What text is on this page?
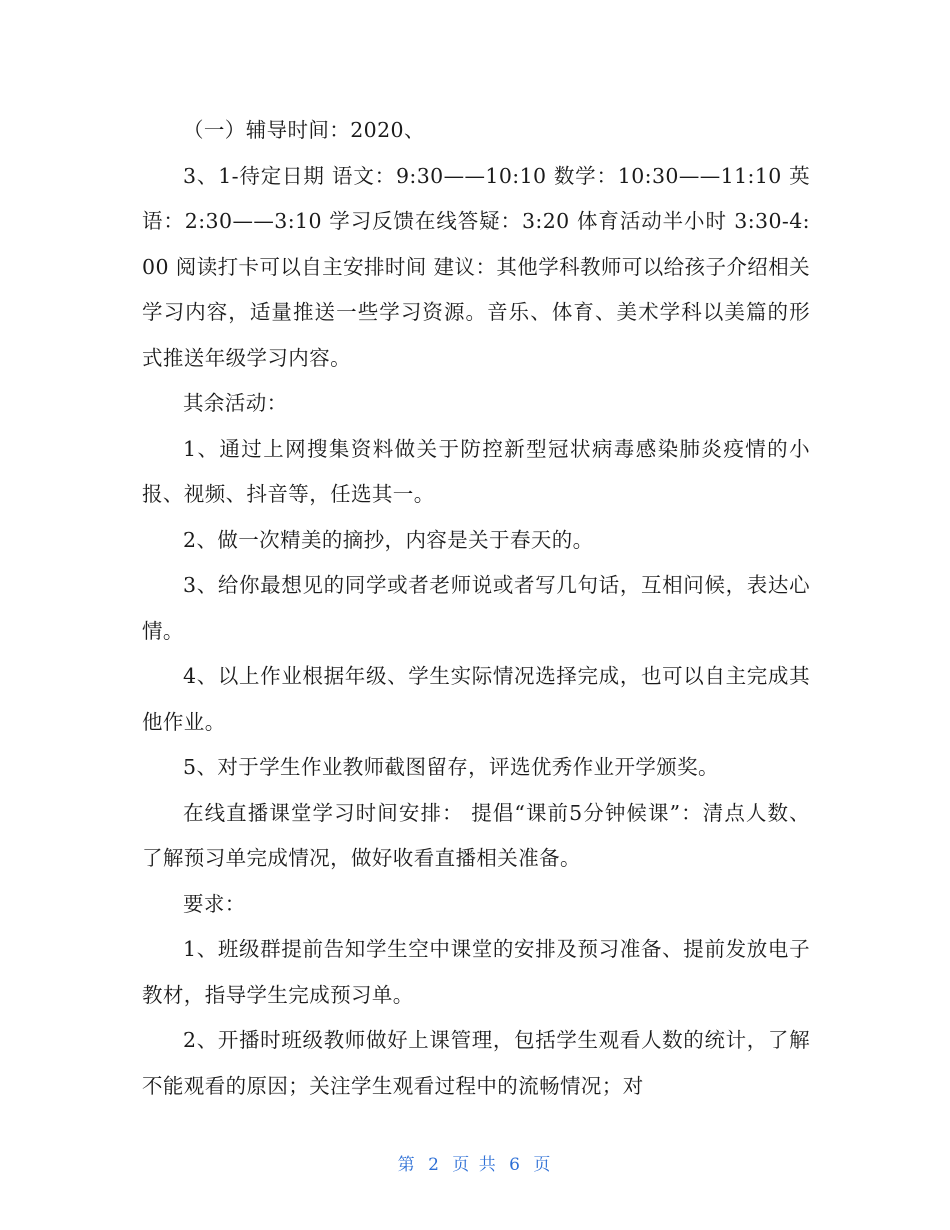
（一）辅导时间：2020、

3、1-待定日期 语文：9:30——10:10 数学：10:30——11:10 英语：2:30——3:10 学习反馈在线答疑：3:20 体育活动半小时 3:30-4:00 阅读打卡可以自主安排时间 建议：其他学科教师可以给孩子介绍相关学习内容，适量推送一些学习资源。音乐、体育、美术学科以美篇的形式推送年级学习内容。

其余活动：

1、通过上网搜集资料做关于防控新型冠状病毒感染肺炎疫情的小报、视频、抖音等，任选其一。

2、做一次精美的摘抄，内容是关于春天的。

3、给你最想见的同学或者老师说或者写几句话，互相问候，表达心情。

4、以上作业根据年级、学生实际情况选择完成，也可以自主完成其他作业。

5、对于学生作业教师截图留存，评选优秀作业开学颁奖。

在线直播课堂学习时间安排： 提倡“课前5分钟候课”：清点人数、了解预习单完成情况，做好收看直播相关准备。

要求：

1、班级群提前告知学生空中课堂的安排及预习准备、提前发放电子教材，指导学生完成预习单。

2、开播时班级教师做好上课管理，包括学生观看人数的统计，了解不能观看的原因；关注学生观看过程中的流畅情况；对

第 2 页 共 6 页
